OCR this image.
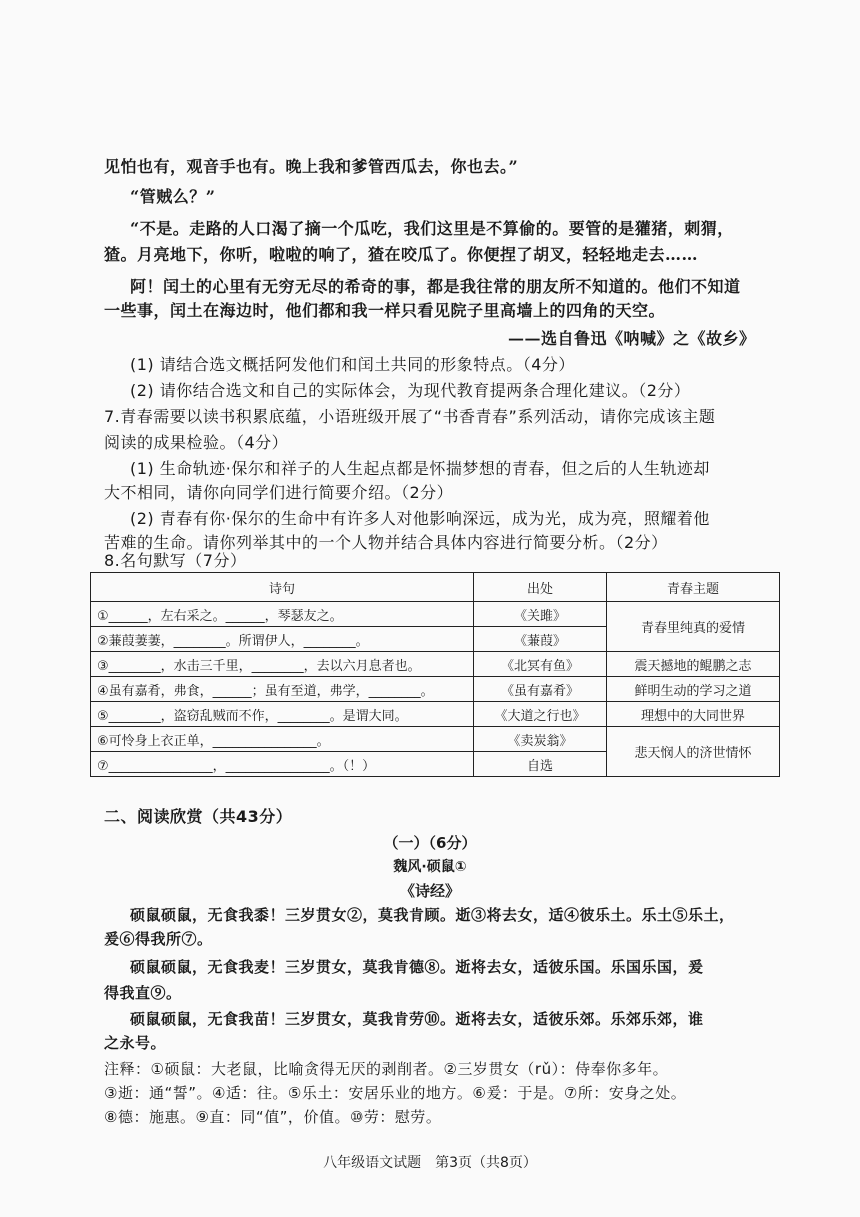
见怕也有，观音手也有。晚上我和爹管西瓜去，你也去。”
“管贼么？”
“不是。走路的人口渴了摘一个瓜吃，我们这里是不算偷的。要管的是獾猪，刺猬，
猹。月亮地下，你听，啦啦的响了，猹在咬瓜了。你便捏了胡叉，轻轻地走去……
阿！闰土的心里有无穷无尽的希奇的事，都是我往常的朋友所不知道的。他们不知道
一些事，闰土在海边时，他们都和我一样只看见院子里高墙上的四角的天空。
——选自鲁迅《呐喊》之《故乡》
(1) 请结合选文概括阿发他们和闰土共同的形象特点。（4分）
(2) 请你结合选文和自己的实际体会，为现代教育提两条合理化建议。（2分）
7.青春需要以读书积累底蕴，小语班级开展了“书香青春”系列活动，请你完成该主题
阅读的成果检验。（4分）
(1) 生命轨迹·保尔和祥子的人生起点都是怀揣梦想的青春，但之后的人生轨迹却
大不相同，请你向同学们进行简要介绍。（2分）
(2) 青春有你·保尔的生命中有许多人对他影响深远，成为光，成为亮，照耀着他
苦难的生命。请你列举其中的一个人物并结合具体内容进行简要分析。（2分）
8.名句默写（7分）
诗句	出处	青春主题
①______，左右采之。______，琴瑟友之。	《关雎》	青春里纯真的爱情
②蒹葭萋萋，________。所谓伊人，________。	《蒹葭》	
③________，水击三千里，________，去以六月息者也。	《北冥有鱼》	震天撼地的鲲鹏之志
④虽有嘉肴，弗食，______；虽有至道，弗学，________。	《虽有嘉肴》	鲜明生动的学习之道
⑤________，盗窃乱贼而不作，________。是谓大同。	《大道之行也》	理想中的大同世界
⑥可怜身上衣正单，________________。	《卖炭翁》	悲天悯人的济世情怀
⑦________________，________________。（！）	自选	
二、阅读欣赏（共43分）
（一）（6分）
魏风·硕鼠①
《诗经》
硕鼠硕鼠，无食我黍！三岁贯女②，莫我肯顾。逝③将去女，适④彼乐土。乐土⑤乐土，
爰⑥得我所⑦。
硕鼠硕鼠，无食我麦！三岁贯女，莫我肯德⑧。逝将去女，适彼乐国。乐国乐国，爰
得我直⑨。
硕鼠硕鼠，无食我苗！三岁贯女，莫我肯劳⑩。逝将去女，适彼乐郊。乐郊乐郊，谁
之永号。
注释：①硕鼠：大老鼠，比喻贪得无厌的剥削者。②三岁贯女（rǔ）：侍奉你多年。
③逝：通“誓”。④适：往。⑤乐土：安居乐业的地方。⑥爰：于是。⑦所：安身之处。
⑧德：施惠。⑨直：同“值”，价值。⑩劳：慰劳。
八年级语文试题　第3页（共8页）
